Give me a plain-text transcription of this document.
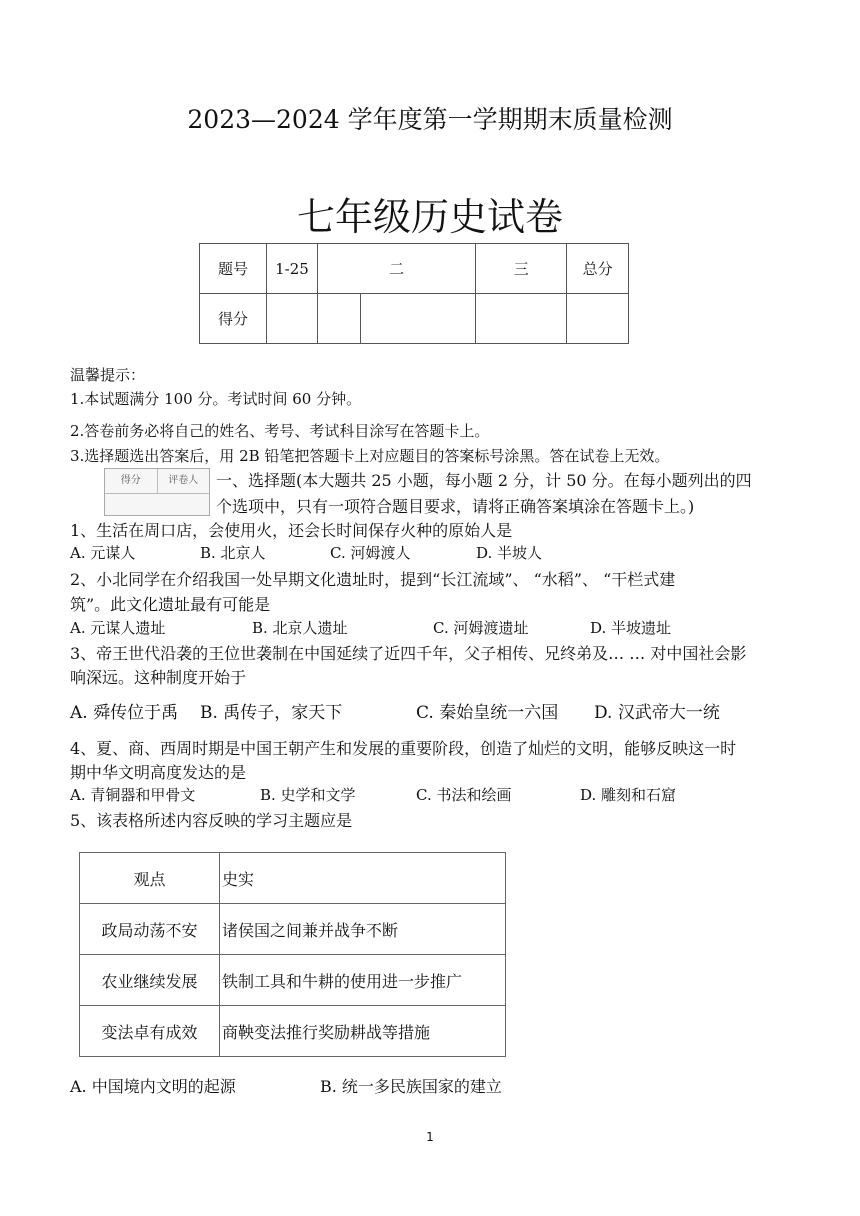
2023—2024 学年度第一学期期末质量检测
七年级历史试卷
题号	1-25	二		三	总分
得分					
温馨提示：
1.本试题满分 100 分。考试时间 60 分钟。
2.答卷前务必将自己的姓名、考号、考试科目涂写在答题卡上。
3.选择题选出答案后，用 2B 铅笔把答题卡上对应题目的答案标号涂黑。答在试卷上无效。
得分	评卷人	一、选择题(本大题共 25 小题，每小题 2 分，计 50 分。在每小题列出的四
个选项中，只有一项符合题目要求，请将正确答案填涂在答题卡上。)
1、生活在周口店，会使用火，还会长时间保存火种的原始人是
A. 元谋人	B. 北京人	C. 河姆渡人	D. 半坡人
2、小北同学在介绍我国一处早期文化遗址时，提到“长江流域”、 “水稻”、 “干栏式建
筑”。此文化遗址最有可能是
A. 元谋人遗址	B. 北京人遗址	C. 河姆渡遗址	D. 半坡遗址
3、帝王世代沿袭的王位世袭制在中国延续了近四千年，父子相传、兄终弟及… … 对中国社会影
响深远。这种制度开始于
A. 舜传位于禹 B. 禹传子，家天下	C. 秦始皇统一六国 D. 汉武帝大一统
4、夏、商、西周时期是中国王朝产生和发展的重要阶段，创造了灿烂的文明，能够反映这一时
期中华文明高度发达的是
A. 青铜器和甲骨文	B. 史学和文学	C. 书法和绘画	D. 雕刻和石窟
5、该表格所述内容反映的学习主题应是
观点	史实
政局动荡不安	诸侯国之间兼并战争不断
农业继续发展	铁制工具和牛耕的使用进一步推广
变法卓有成效	商鞅变法推行奖励耕战等措施
A. 中国境内文明的起源	B. 统一多民族国家的建立
1
